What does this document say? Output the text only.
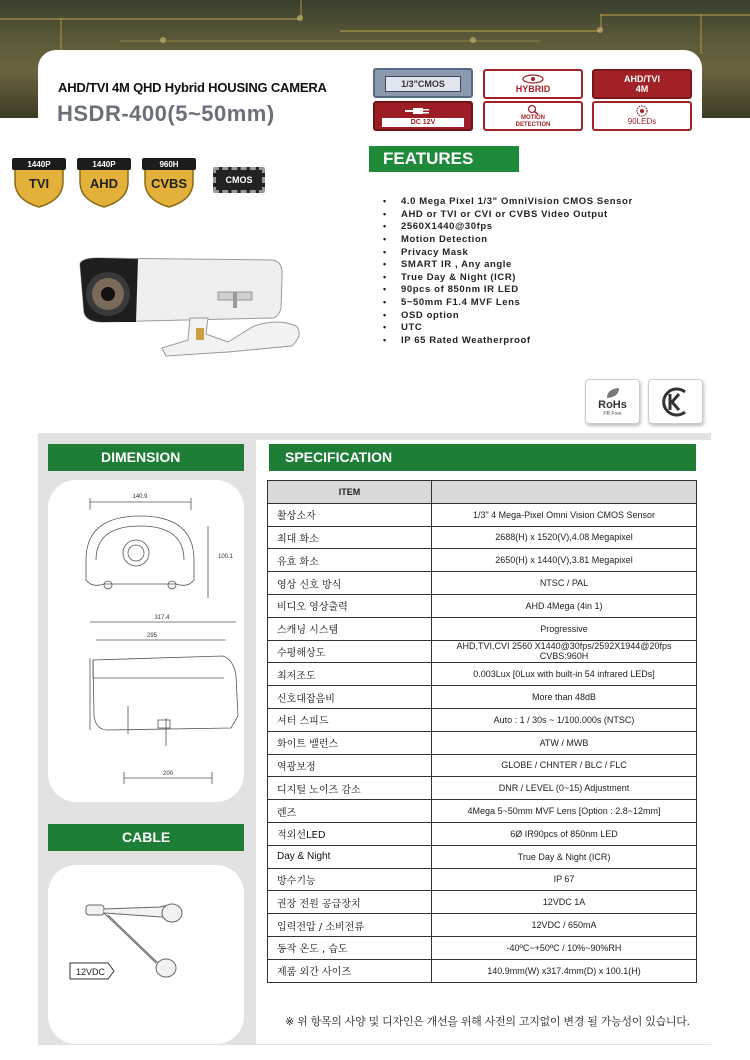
AHD/TVI 4M QHD Hybrid HOUSING CAMERA
HSDR-400(5~50mm)
1/3"CMOS	HYBRID
AHD/TVI
4M
DC 12V
MOTION
DETECTION	90LEDs
1440P
TVI
1440P
AHD
960H
CVBS	CMOS
FEATURES
• 4.0 Mega Pixel 1/3" OmniVision CMOS Sensor
• AHD or TVI or CVI or CVBS Video Output
• 2560X1440@30fps
• Motion Detection
• Privacy Mask
• SMART IR , Any angle
• True Day & Night (ICR)
• 90pcs of 850nm IR LED
• 5~50mm F1.4 MVF Lens
• OSD option
• UTC
• IP 65 Rated Weatherproof
RoHs
PB Free
DIMENSION
140.9
100.1
317.4
295
200
CABLE
12VDC
SPECIFICATION
ITEM	
촬상소자	1/3" 4 Mega-Pixel Omni Vision CMOS Sensor
최대 화소	2688(H) x 1520(V),4.08 Megapixel
유효 화소	2650(H) x 1440(V),3.81 Megapixel
영상 신호 방식	NTSC / PAL
비디오 영상출력	AHD 4Mega (4in 1)
스캐닝 시스템	Progressive
수평해상도	AHD,TVI,CVI 2560 X1440@30fps/2592X1944@20fps
CVBS:960H
최저조도	0.003Lux [0Lux with built-in 54 infrared LEDs]
신호대잡음비	More than 48dB
셔터 스피드	Auto : 1 / 30s ~ 1/100.000s (NTSC)
화이트 밸런스	ATW / MWB
역광보정	GLOBE / CHNTER / BLC / FLC
디지털 노이즈 감소	DNR / LEVEL (0~15) Adjustment
렌즈	4Mega 5~50mm MVF Lens [Option : 2.8~12mm]
적외선LED	6Ø IR90pcs of 850nm LED
Day & Night	True Day & Night (ICR)
방수기능	IP 67
권장 전원 공급장치	12VDC 1A
입력전압 / 소비전류	12VDC / 650mA
동작 온도 , 습도	-40ºC~+50ºC / 10%~90%RH
제품 외간 사이즈	140.9mm(W) x317.4mm(D) x 100.1(H)
※ 위 항목의 사양 및 디자인은 개선을 위해 사전의 고지없이 변경 될 가능성이 있습니다.
